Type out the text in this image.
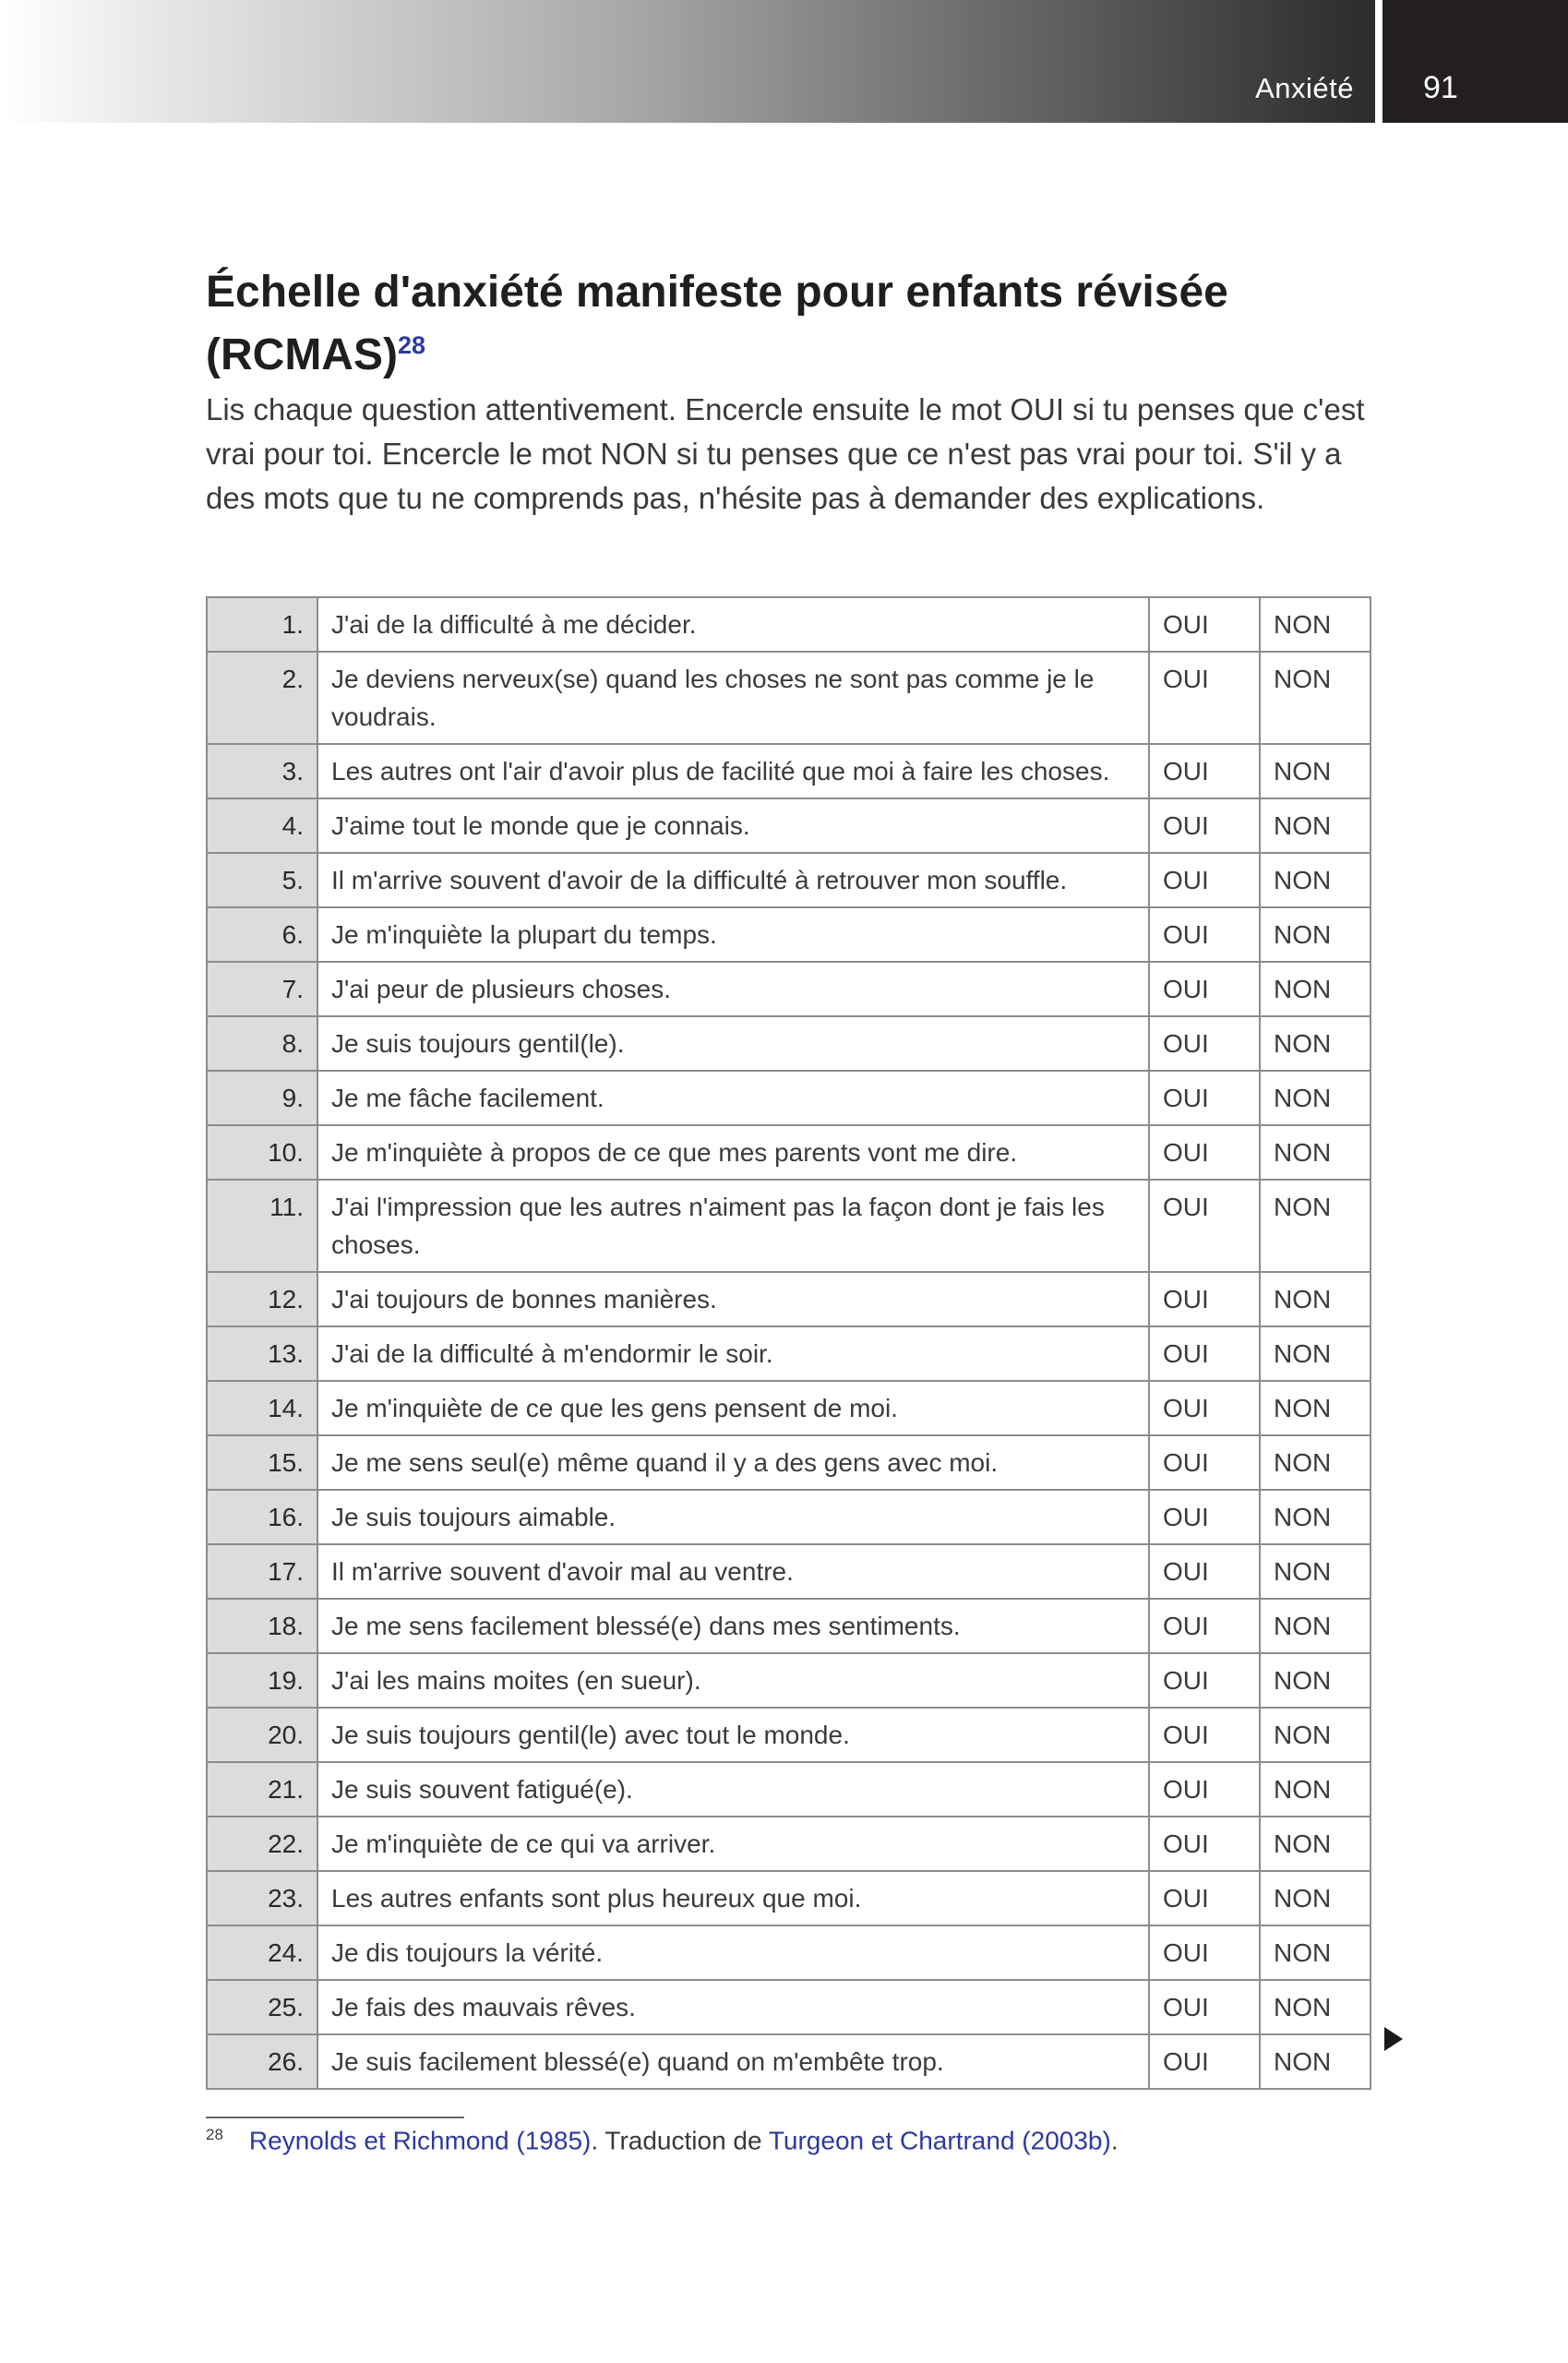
Anxiété 91
Échelle d'anxiété manifeste pour enfants révisée (RCMAS)$^{28}$

Lis chaque question attentivement. Encercle ensuite le mot OUI si tu penses que c'est vrai pour toi. Encercle le mot NON si tu penses que ce n'est pas vrai pour toi. S'il y a des mots que tu ne comprends pas, n'hésite pas à demander des explications.

1.	J'ai de la difficulté à me décider.	OUI	NON
2.	Je deviens nerveux(se) quand les choses ne sont pas comme je le voudrais.	OUI	NON
3.	Les autres ont l'air d'avoir plus de facilité que moi à faire les choses.	OUI	NON
4.	J'aime tout le monde que je connais.	OUI	NON
5.	Il m'arrive souvent d'avoir de la difficulté à retrouver mon souffle.	OUI	NON
6.	Je m'inquiète la plupart du temps.	OUI	NON
7.	J'ai peur de plusieurs choses.	OUI	NON
8.	Je suis toujours gentil(le).	OUI	NON
9.	Je me fâche facilement.	OUI	NON
10.	Je m'inquiète à propos de ce que mes parents vont me dire.	OUI	NON
11.	J'ai l'impression que les autres n'aiment pas la façon dont je fais les choses.	OUI	NON
12.	J'ai toujours de bonnes manières.	OUI	NON
13.	J'ai de la difficulté à m'endormir le soir.	OUI	NON
14.	Je m'inquiète de ce que les gens pensent de moi.	OUI	NON
15.	Je me sens seul(e) même quand il y a des gens avec moi.	OUI	NON
16.	Je suis toujours aimable.	OUI	NON
17.	Il m'arrive souvent d'avoir mal au ventre.	OUI	NON
18.	Je me sens facilement blessé(e) dans mes sentiments.	OUI	NON
19.	J'ai les mains moites (en sueur).	OUI	NON
20.	Je suis toujours gentil(le) avec tout le monde.	OUI	NON
21.	Je suis souvent fatigué(e).	OUI	NON
22.	Je m'inquiète de ce qui va arriver.	OUI	NON
23.	Les autres enfants sont plus heureux que moi.	OUI	NON
24.	Je dis toujours la vérité.	OUI	NON
25.	Je fais des mauvais rêves.	OUI	NON
26.	Je suis facilement blessé(e) quand on m'embête trop.	OUI	NON
$^{28}$ Reynolds et Richmond (1985). Traduction de Turgeon et Chartrand (2003b).
